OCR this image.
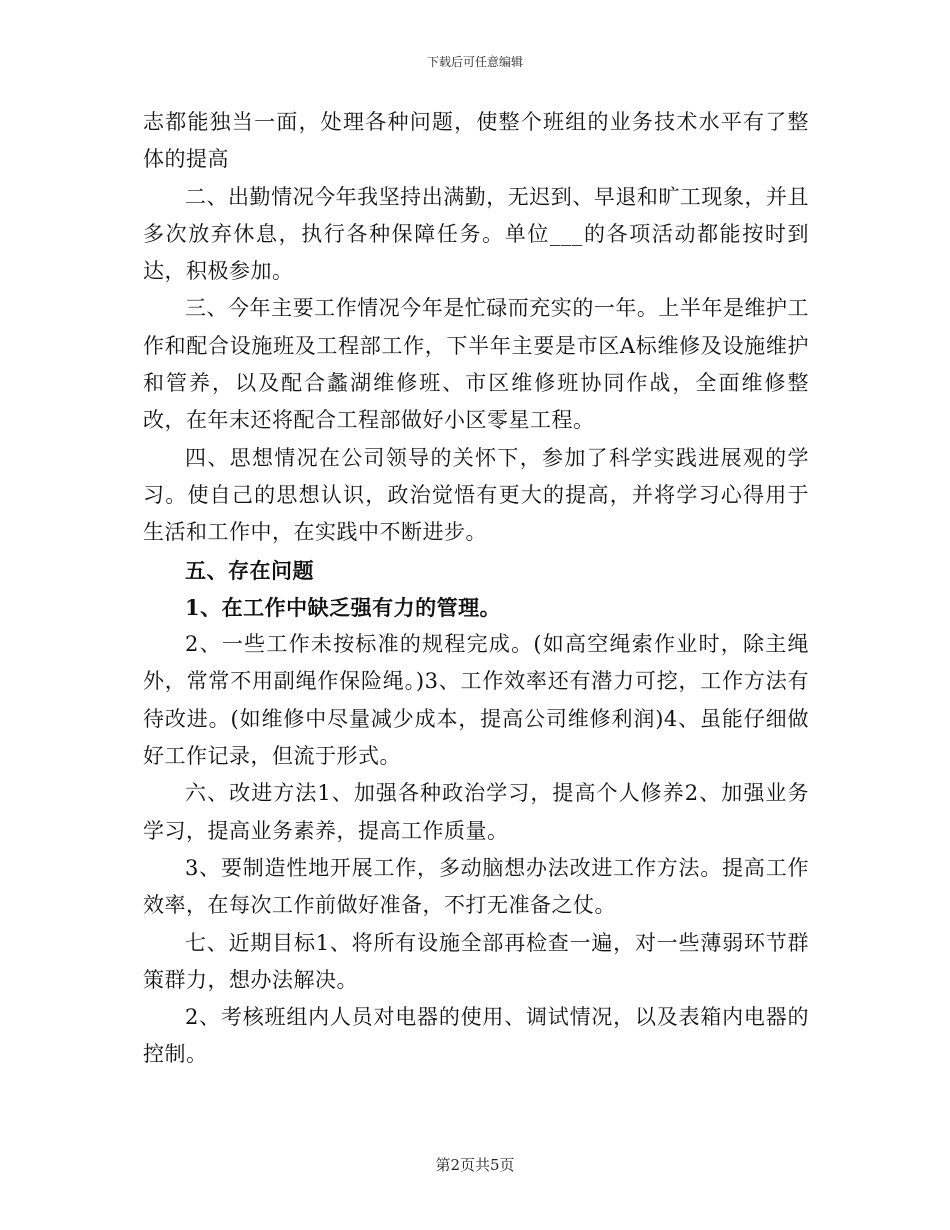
下载后可任意编辑

志都能独当一面，处理各种问题，使整个班组的业务技术水平有了整体的提高

二、出勤情况今年我坚持出满勤，无迟到、早退和旷工现象，并且多次放弃休息，执行各种保障任务。单位___的各项活动都能按时到达，积极参加。

三、今年主要工作情况今年是忙碌而充实的一年。上半年是维护工作和配合设施班及工程部工作，下半年主要是市区A标维修及设施维护和管养，以及配合蠡湖维修班、市区维修班协同作战，全面维修整改，在年末还将配合工程部做好小区零星工程。

四、思想情况在公司领导的关怀下，参加了科学实践进展观的学习。使自己的思想认识，政治觉悟有更大的提高，并将学习心得用于生活和工作中，在实践中不断进步。

五、存在问题

1、在工作中缺乏强有力的管理。

2、一些工作未按标准的规程完成。(如高空绳索作业时，除主绳外，常常不用副绳作保险绳。)3、工作效率还有潜力可挖，工作方法有待改进。(如维修中尽量减少成本，提高公司维修利润)4、虽能仔细做好工作记录，但流于形式。

六、改进方法1、加强各种政治学习，提高个人修养2、加强业务学习，提高业务素养，提高工作质量。

3、要制造性地开展工作，多动脑想办法改进工作方法。提高工作效率，在每次工作前做好准备，不打无准备之仗。

七、近期目标1、将所有设施全部再检查一遍，对一些薄弱环节群策群力，想办法解决。

2、考核班组内人员对电器的使用、调试情况，以及表箱内电器的控制。

第2页共5页
